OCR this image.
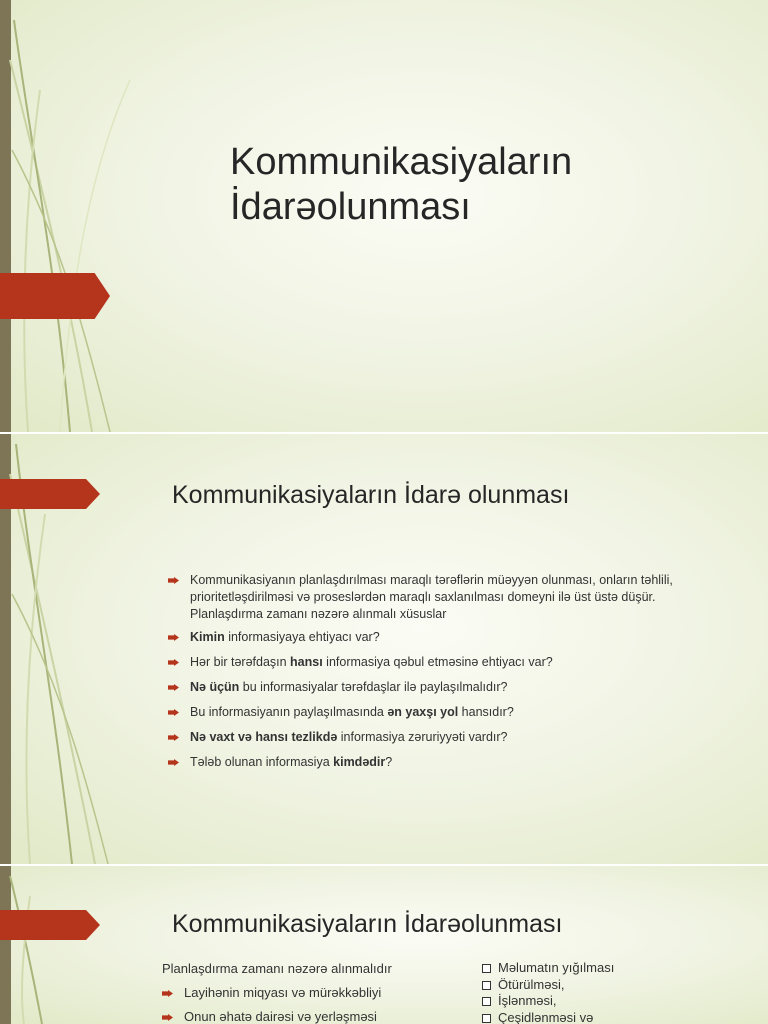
Kommunikasiyaların
İdarəolunması
Kommunikasiyaların İdarə olunması
Kommunikasiyanın planlaşdırılması maraqlı tərəflərin müəyyən olunması, onların təhlili, prioritetləşdirilməsi və proseslərdən maraqlı saxlanılması domeyni ilə üst üstə düşür. Planlaşdırma zamanı nəzərə alınmalı xüsuslar
Kimin informasiyaya ehtiyacı var?
Hər bir tərəfdaşın hansı informasiya qəbul etməsinə ehtiyacı var?
Nə üçün bu informasiyalar tərəfdaşlar ilə paylaşılmalıdır?
Bu informasiyanın paylaşılmasında ən yaxşı yol hansıdır?
Nə vaxt və hansı tezlikdə informasiya zəruriyyəti vardır?
Tələb olunan informasiya kimdədir?
Kommunikasiyaların İdarəolunması
Planlaşdırma zamanı nəzərə alınmalıdır
Layihənin miqyası və mürəkkəbliyi
Onun əhatə dairəsi və yerləşməsi
Məlumatın yığılması
Ötürülməsi,
İşlənməsi,
Çeşidlənməsi və
